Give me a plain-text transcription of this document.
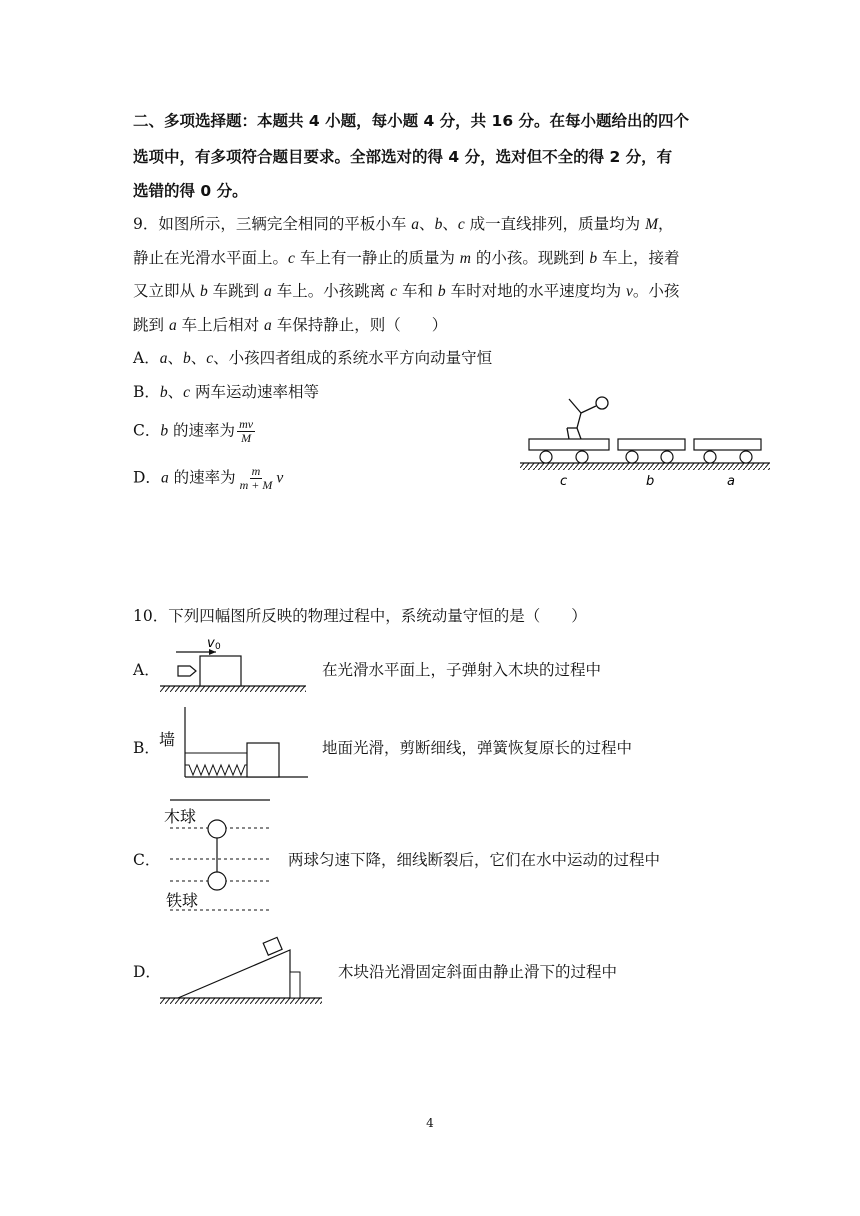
二、多项选择题：本题共 4 小题，每小题 4 分，共 16 分。在每小题给出的四个
选项中，有多项符合题目要求。全部选对的得 4 分，选对但不全的得 2 分，有
选错的得 0 分。
9．如图所示，三辆完全相同的平板小车 a、b、c 成一直线排列，质量均为 M，
静止在光滑水平面上。c 车上有一静止的质量为 m 的小孩。现跳到 b 车上，接着
又立即从 b 车跳到 a 车上。小孩跳离 c 车和 b 车时对地的水平速度均为 v。小孩
跳到 a 车上后相对 a 车保持静止，则（　　）
A．a、b、c、小孩四者组成的系统水平方向动量守恒
B．b、c 两车运动速率相等
C．b 的速率为 $\frac{mv}{M}$
D．a 的速率为 $\frac{m}{m + M}$ v	c	b	a
10．下列四幅图所反映的物理过程中，系统动量守恒的是（　　）
A．	在光滑水平面上，子弹射入木块的过程中
v 0
B．	地面光滑，剪断细线，弹簧恢复原长的过程中
墙
C．	两球匀速下降，细线断裂后，它们在水中运动的过程中
木球
铁球
D．	木块沿光滑固定斜面由静止滑下的过程中
4
